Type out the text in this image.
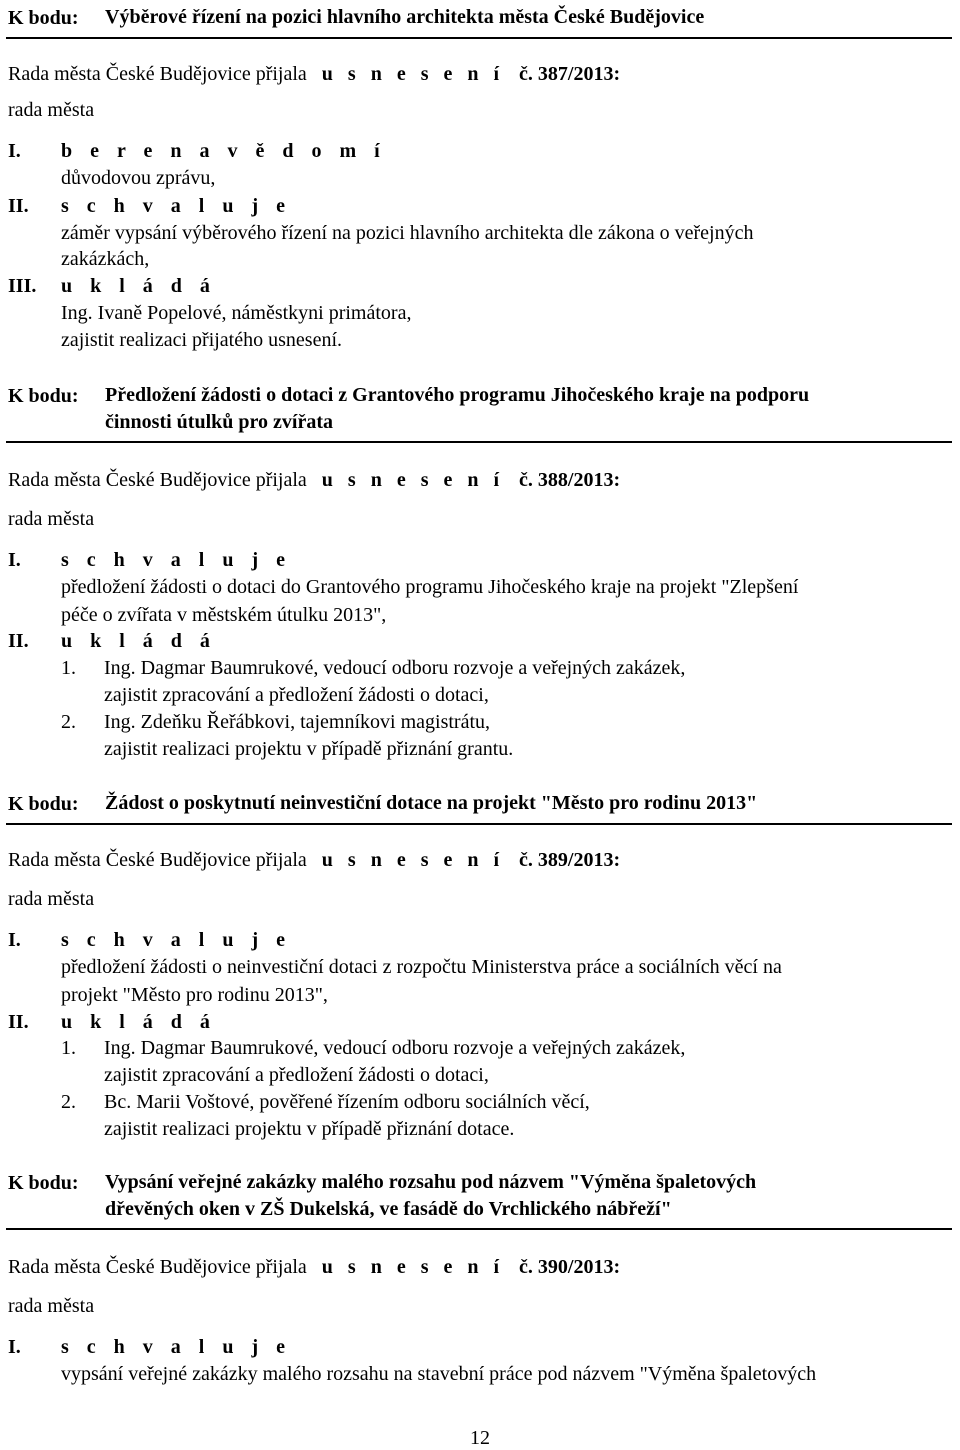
K bodu: Výběrové řízení na pozici hlavního architekta města České Budějovice
Rada města České Budějovice přijala u s n e s e n í č. 387/2013:
rada města
I. b e r e n a v ě d o m í
důvodovou zprávu,
II. s c h v a l u j e
záměr vypsání výběrového řízení na pozici hlavního architekta dle zákona o veřejných
zakázkách,
III. u k l á d á
Ing. Ivaně Popelové, náměstkyni primátora,
zajistit realizaci přijatého usnesení.
K bodu: Předložení žádosti o dotaci z Grantového programu Jihočeského kraje na podporu
činnosti útulků pro zvířata
Rada města České Budějovice přijala u s n e s e n í č. 388/2013:
rada města
I. s c h v a l u j e
předložení žádosti o dotaci do Grantového programu Jihočeského kraje na projekt "Zlepšení
péče o zvířata v městském útulku 2013",
II. u k l á d á
1. Ing. Dagmar Baumrukové, vedoucí odboru rozvoje a veřejných zakázek,
zajistit zpracování a předložení žádosti o dotaci,
2. Ing. Zdeňku Řeřábkovi, tajemníkovi magistrátu,
zajistit realizaci projektu v případě přiznání grantu.
K bodu: Žádost o poskytnutí neinvestiční dotace na projekt "Město pro rodinu 2013"
Rada města České Budějovice přijala u s n e s e n í č. 389/2013:
rada města
I. s c h v a l u j e
předložení žádosti o neinvestiční dotaci z rozpočtu Ministerstva práce a sociálních věcí na
projekt "Město pro rodinu 2013",
II. u k l á d á
1. Ing. Dagmar Baumrukové, vedoucí odboru rozvoje a veřejných zakázek,
zajistit zpracování a předložení žádosti o dotaci,
2. Bc. Marii Voštové, pověřené řízením odboru sociálních věcí,
zajistit realizaci projektu v případě přiznání dotace.
K bodu: Vypsání veřejné zakázky malého rozsahu pod názvem "Výměna špaletových
dřevěných oken v ZŠ Dukelská, ve fasádě do Vrchlického nábřeží"
Rada města České Budějovice přijala u s n e s e n í č. 390/2013:
rada města
I. s c h v a l u j e
vypsání veřejné zakázky malého rozsahu na stavební práce pod názvem "Výměna špaletových
12
